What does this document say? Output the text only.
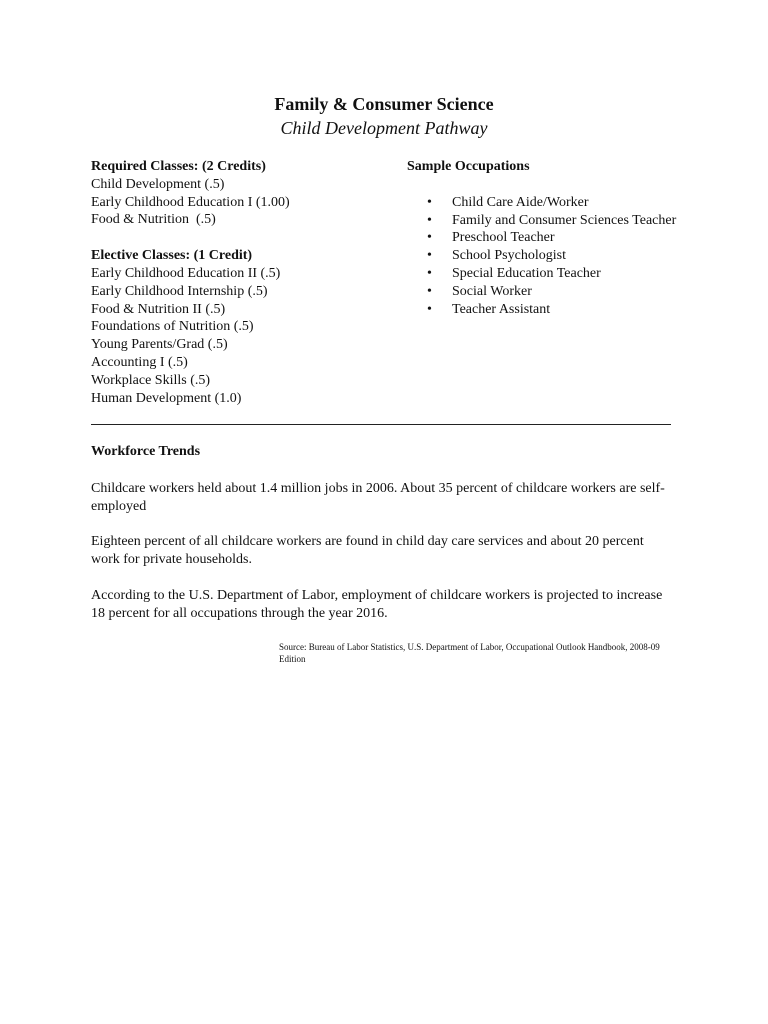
Family & Consumer Science
Child Development Pathway
Required Classes: (2 Credits)
Child Development (.5)
Early Childhood Education I (1.00)
Food & Nutrition  (.5)
Elective Classes: (1 Credit)
Early Childhood Education II (.5)
Early Childhood Internship (.5)
Food & Nutrition II (.5)
Foundations of Nutrition (.5)
Young Parents/Grad (.5)
Accounting I (.5)
Workplace Skills (.5)
Human Development (1.0)
Sample Occupations
• Child Care Aide/Worker
• Family and Consumer Sciences Teacher
• Preschool Teacher
• School Psychologist
• Special Education Teacher
• Social Worker
• Teacher Assistant
Workforce Trends
Childcare workers held about 1.4 million jobs in 2006. About 35 percent of childcare workers are self-employed
Eighteen percent of all childcare workers are found in child day care services and about 20 percent work for private households.
According to the U.S. Department of Labor, employment of childcare workers is projected to increase 18 percent for all occupations through the year 2016.
Source: Bureau of Labor Statistics, U.S. Department of Labor, Occupational Outlook Handbook, 2008-09 Edition
